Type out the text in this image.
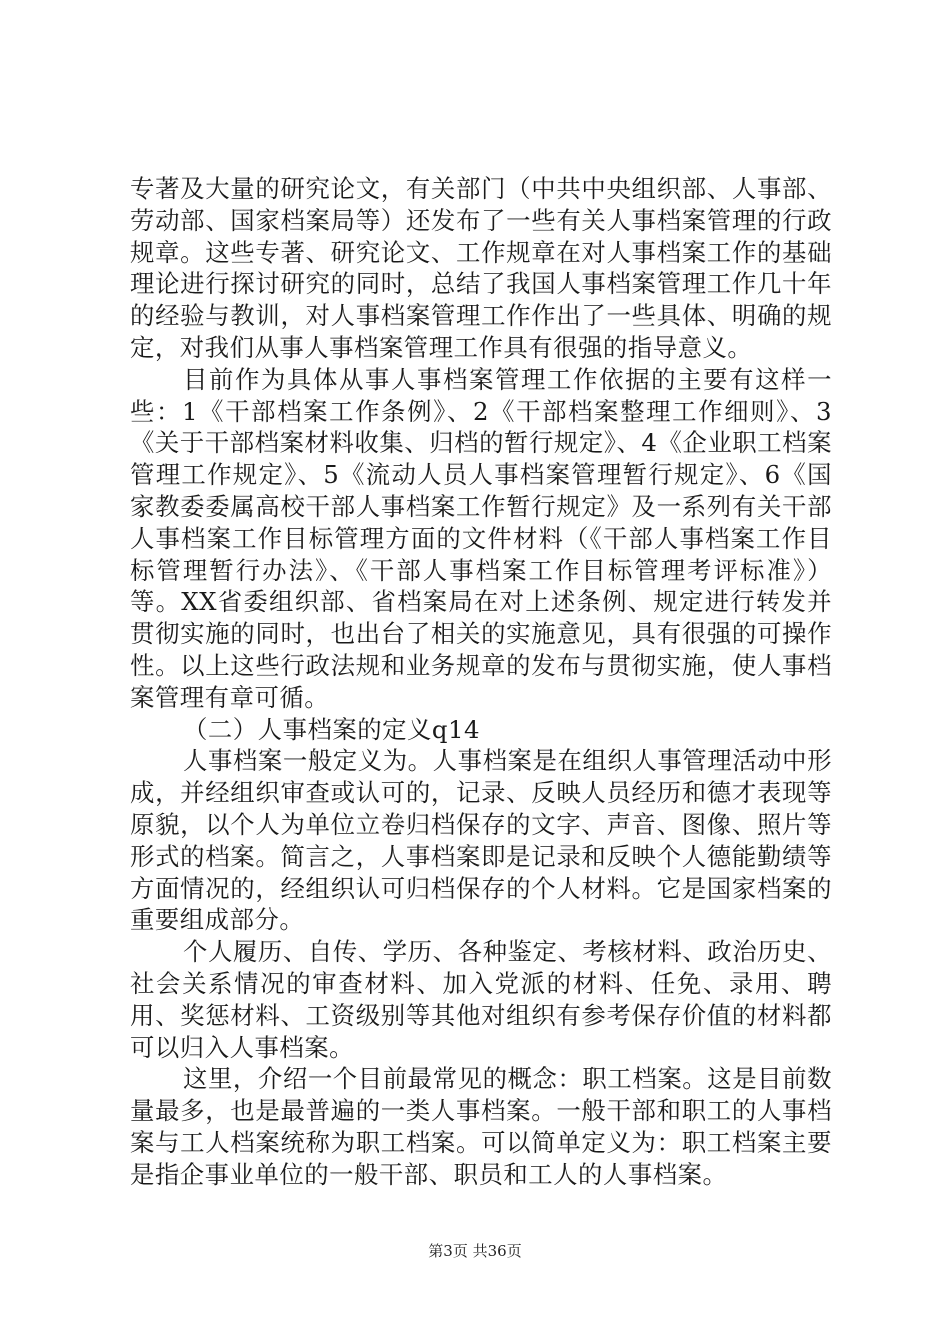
专著及大量的研究论文，有关部门（中共中央组织部、人事部、劳动部、国家档案局等）还发布了一些有关人事档案管理的行政规章。这些专著、研究论文、工作规章在对人事档案工作的基础理论进行探讨研究的同时，总结了我国人事档案管理工作几十年的经验与教训，对人事档案管理工作作出了一些具体、明确的规定，对我们从事人事档案管理工作具有很强的指导意义。

目前作为具体从事人事档案管理工作依据的主要有这样一些：1《干部档案工作条例》、2《干部档案整理工作细则》、3《关于干部档案材料收集、归档的暂行规定》、4《企业职工档案管理工作规定》、5《流动人员人事档案管理暂行规定》、6《国家教委委属高校干部人事档案工作暂行规定》及一系列有关干部人事档案工作目标管理方面的文件材料（《干部人事档案工作目标管理暂行办法》、《干部人事档案工作目标管理考评标准》）等。XX省委组织部、省档案局在对上述条例、规定进行转发并贯彻实施的同时，也出台了相关的实施意见，具有很强的可操作性。以上这些行政法规和业务规章的发布与贯彻实施，使人事档案管理有章可循。

（二）人事档案的定义q14

人事档案一般定义为。人事档案是在组织人事管理活动中形成，并经组织审查或认可的，记录、反映人员经历和德才表现等原貌，以个人为单位立卷归档保存的文字、声音、图像、照片等形式的档案。简言之，人事档案即是记录和反映个人德能勤绩等方面情况的，经组织认可归档保存的个人材料。它是国家档案的重要组成部分。

个人履历、自传、学历、各种鉴定、考核材料、政治历史、社会关系情况的审查材料、加入党派的材料、任免、录用、聘用、奖惩材料、工资级别等其他对组织有参考保存价值的材料都可以归入人事档案。

这里，介绍一个目前最常见的概念：职工档案。这是目前数量最多，也是最普遍的一类人事档案。一般干部和职工的人事档案与工人档案统称为职工档案。可以简单定义为：职工档案主要是指企事业单位的一般干部、职员和工人的人事档案。

第3页 共36页
